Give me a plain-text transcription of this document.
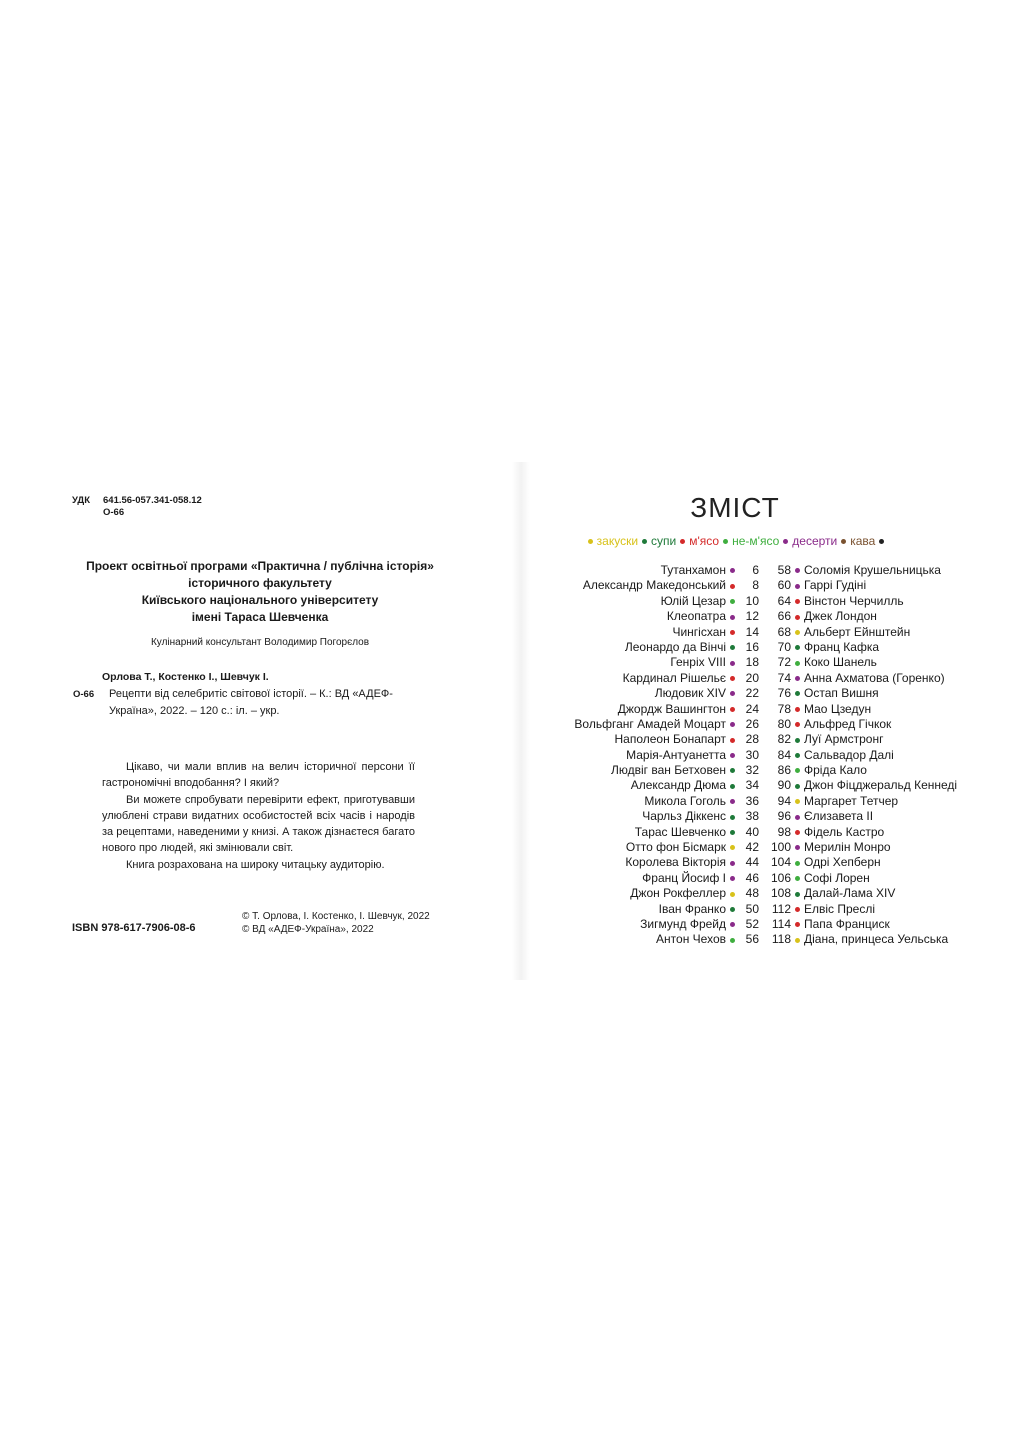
УДК 641.56-057.341-058.12
О-66
Проект освітньої програми «Практична / публічна історія»
історичного факультету
Київського національного університету
імені Тараса Шевченка
Кулінарний консультант Володимир Погорєлов
Орлова Т., Костенко І., Шевчук І.
О-66 Рецепти від селебритіс світової історії. – К.: ВД «АДЕФ-Україна», 2022. – 120 с.: іл. – укр.

Цікаво, чи мали вплив на велич історичної персони її гастрономічні вподобання? І який?

Ви можете спробувати перевірити ефект, приготувавши улюблені страви видатних особистостей всіх часів і народів за рецептами, наведеними у книзі. А також дізнаєтеся багато нового про людей, які змінювали світ.

Книга розрахована на широку читацьку аудиторію.

ISBN 978-617-7906-08-6
© Т. Орлова, І. Костенко, І. Шевчук, 2022
© ВД «АДЕФ-Україна», 2022
ЗМІСТ
закуски супи м'ясо не-м'ясо десерти кава
Тутанхамон 6
Александр Македонський 8
Юлій Цезар 10
Клеопатра 12
Чингісхан 14
Леонардо да Вінчі 16
Генріх VIII 18
Кардинал Рішельє 20
Людовик XIV 22
Джордж Вашингтон 24
Вольфганг Амадей Моцарт 26
Наполеон Бонапарт 28
Марія-Антуанетта 30
Людвіг ван Бетховен 32
Александр Дюма 34
Микола Гоголь 36
Чарльз Діккенс 38
Тарас Шевченко 40
Отто фон Бісмарк 42
Королева Вікторія 44
Франц Йосиф I 46
Джон Рокфеллер 48
Іван Франко 50
Зигмунд Фрейд 52
Антон Чехов 56
58 Соломія Крушельницька
60 Гаррі Гудіні
64 Вінстон Черчилль
66 Джек Лондон
68 Альберт Ейнштейн
70 Франц Кафка
72 Коко Шанель
74 Анна Ахматова (Горенко)
76 Остап Вишня
78 Мао Цзедун
80 Альфред Гічкок
82 Луї Армстронг
84 Сальвадор Далі
86 Фріда Кало
90 Джон Фіцджеральд Кеннеді
94 Маргарет Тетчер
96 Єлизавета II
98 Фідель Кастро
100 Мерилін Монро
104 Одрі Хепберн
106 Софі Лорен
108 Далай-Лама XIV
112 Елвіс Преслі
114 Папа Франциск
118 Діана, принцеса Уельська
